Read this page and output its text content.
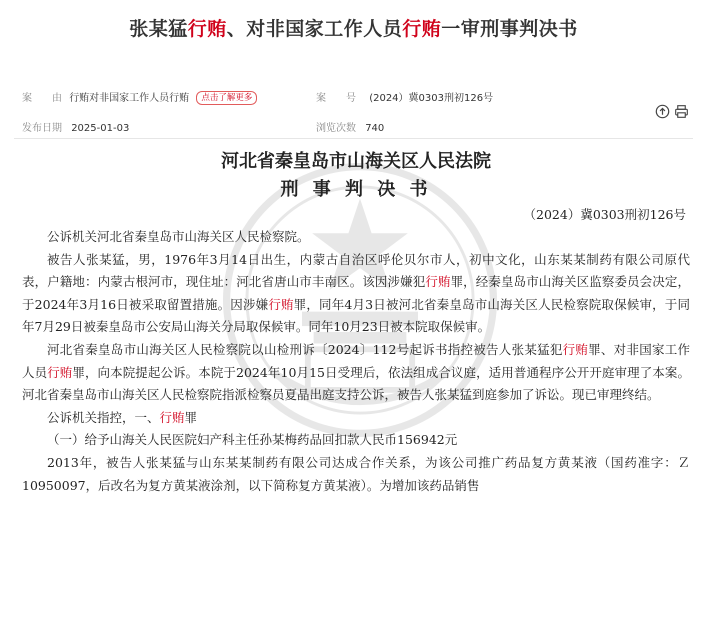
张某猛行贿、对非国家工作人员行贿一审刑事判决书
案　　由 行贿对非国家工作人员行贿 点击了解更多	案　　号 (2024）冀0303刑初126号
发布日期 2025-01-03	浏览次数 740
河北省秦皇岛市山海关区人民法院
刑 事 判 决 书
（2024）冀0303刑初126号

公诉机关河北省秦皇岛市山海关区人民检察院。

被告人张某猛，男，1976年3月14日出生，内蒙古自治区呼伦贝尔市人，初中文化，山东某某制药有限公司原代表，户籍地：内蒙古根河市，现住址：河北省唐山市丰南区。该因涉嫌犯行贿罪，经秦皇岛市山海关区监察委员会决定，于2024年3月16日被采取留置措施。因涉嫌行贿罪，同年4月3日被河北省秦皇岛市山海关区人民检察院取保候审，于同年7月29日被秦皇岛市公安局山海关分局取保候审。同年10月23日被本院取保候审。

河北省秦皇岛市山海关区人民检察院以山检刑诉〔2024〕112号起诉书指控被告人张某猛犯行贿罪、对非国家工作人员行贿罪，向本院提起公诉。本院于2024年10月15日受理后，依法组成合议庭，适用普通程序公开开庭审理了本案。河北省秦皇岛市山海关区人民检察院指派检察员夏晶出庭支持公诉，被告人张某猛到庭参加了诉讼。现已审理终结。

公诉机关指控，一、行贿罪

（一）给予山海关人民医院妇产科主任孙某梅药品回扣款人民币156942元

2013年，被告人张某猛与山东某某制药有限公司达成合作关系，为该公司推广药品复方黄某液（国药准字：Ｚ10950097，后改名为复方黄某液涂剂，以下简称复方黄某液）。为增加该药品销售
